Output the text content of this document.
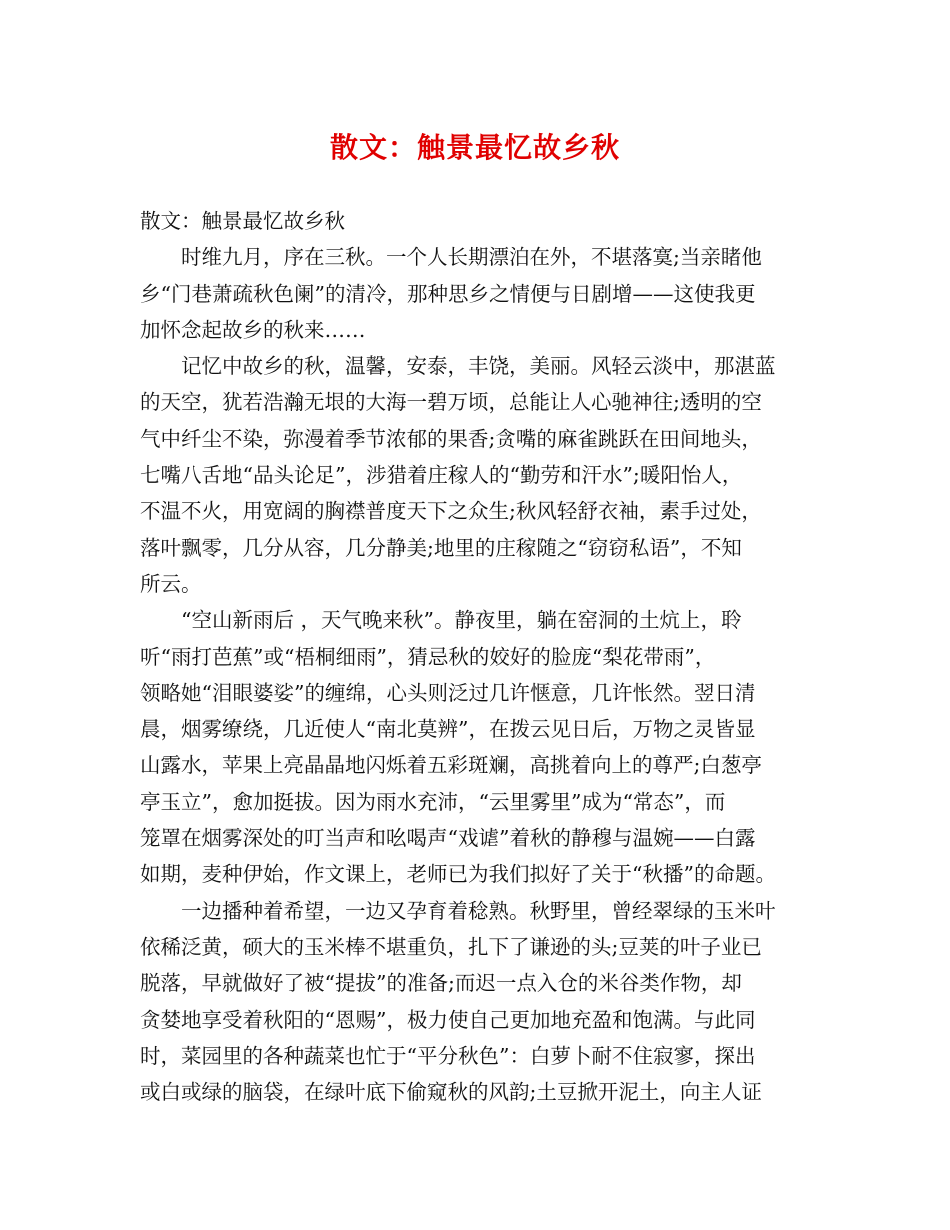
散文：触景最忆故乡秋
散文：触景最忆故乡秋
时维九月，序在三秋。一个人长期漂泊在外，不堪落寞;当亲睹他
乡“门巷萧疏秋色阑”的清冷，那种思乡之情便与日剧增——这使我更
加怀念起故乡的秋来……
记忆中故乡的秋，温馨，安泰，丰饶，美丽。风轻云淡中，那湛蓝
的天空，犹若浩瀚无垠的大海一碧万顷，总能让人心驰神往;透明的空
气中纤尘不染，弥漫着季节浓郁的果香;贪嘴的麻雀跳跃在田间地头，
七嘴八舌地“品头论足”，涉猎着庄稼人的“勤劳和汗水”;暖阳怡人，
不温不火，用宽阔的胸襟普度天下之众生;秋风轻舒衣袖，素手过处，
落叶飘零，几分从容，几分静美;地里的庄稼随之“窃窃私语”，不知
所云。
“空山新雨后 ，天气晚来秋”。静夜里，躺在窑洞的土炕上，聆
听“雨打芭蕉”或“梧桐细雨”，猜忌秋的姣好的脸庞“梨花带雨”，
领略她“泪眼婆娑”的缠绵，心头则泛过几许惬意，几许怅然。翌日清
晨，烟雾缭绕，几近使人“南北莫辨”，在拨云见日后，万物之灵皆显
山露水，苹果上亮晶晶地闪烁着五彩斑斓，高挑着向上的尊严;白葱亭
亭玉立”，愈加挺拔。因为雨水充沛，“云里雾里”成为“常态”，而
笼罩在烟雾深处的叮当声和吆喝声“戏谑”着秋的静穆与温婉——白露
如期，麦种伊始，作文课上，老师已为我们拟好了关于“秋播”的命题。
一边播种着希望，一边又孕育着稔熟。秋野里，曾经翠绿的玉米叶
依稀泛黄，硕大的玉米棒不堪重负，扎下了谦逊的头;豆荚的叶子业已
脱落，早就做好了被“提拔”的准备;而迟一点入仓的米谷类作物，却
贪婪地享受着秋阳的“恩赐”，极力使自己更加地充盈和饱满。与此同
时，菜园里的各种蔬菜也忙于“平分秋色”：白萝卜耐不住寂寥，探出
或白或绿的脑袋，在绿叶底下偷窥秋的风韵;土豆掀开泥土，向主人证
